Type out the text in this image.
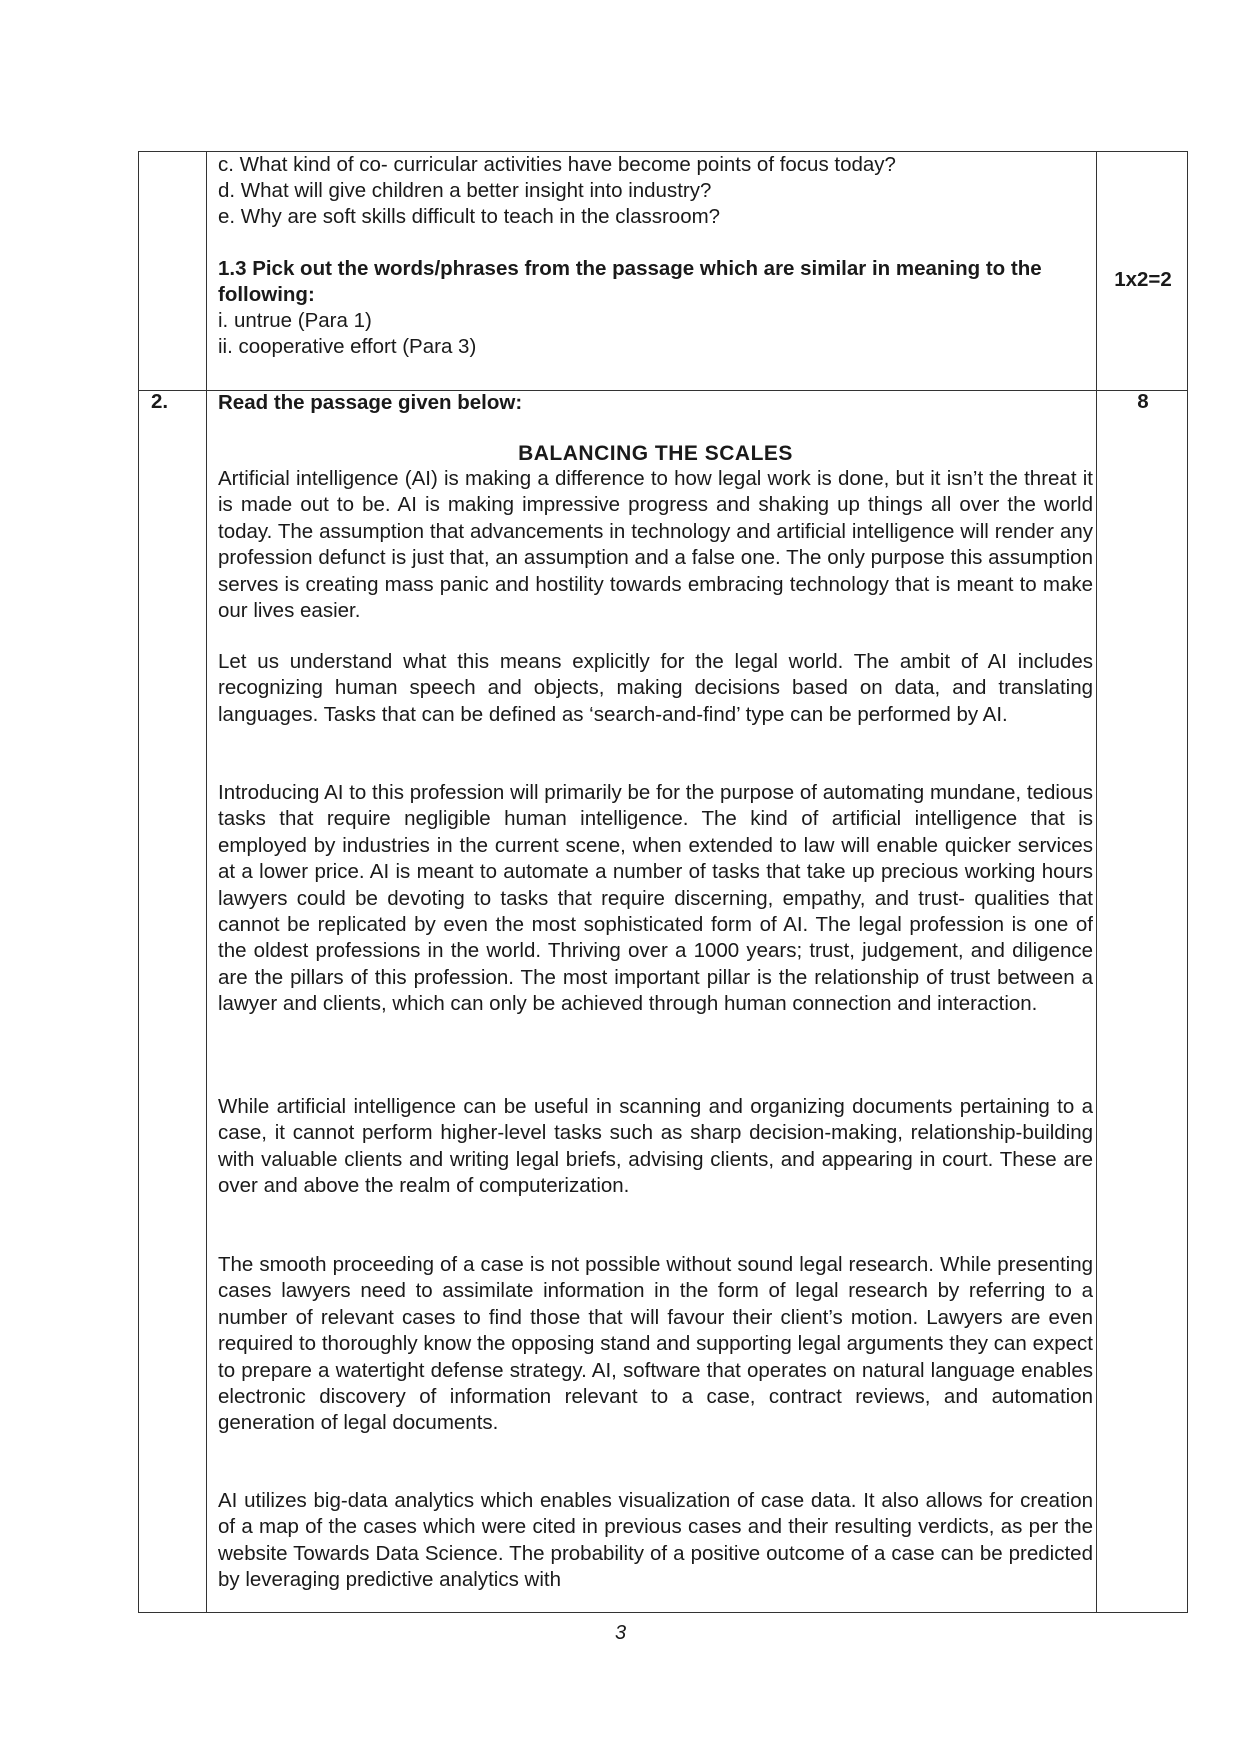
c. What kind of co- curricular activities have become points of focus today?
d. What will give children a better insight into industry?
e. Why are soft skills difficult to teach in the classroom?
1.3 Pick out the words/phrases from the passage which are similar in meaning to the following:
i. untrue (Para 1)
ii. cooperative effort (Para 3)
1x2=2
2. Read the passage given below:	8
BALANCING THE SCALES

Artificial intelligence (AI) is making a difference to how legal work is done, but it isn’t the threat it is made out to be. AI is making impressive progress and shaking up things all over the world today. The assumption that advancements in technology and artificial intelligence will render any profession defunct is just that, an assumption and a false one. The only purpose this assumption serves is creating mass panic and hostility towards embracing technology that is meant to make our lives easier.

Let us understand what this means explicitly for the legal world. The ambit of AI includes recognizing human speech and objects, making decisions based on data, and translating languages. Tasks that can be defined as ‘search-and-find’ type can be performed by AI.

Introducing AI to this profession will primarily be for the purpose of automating mundane, tedious tasks that require negligible human intelligence. The kind of artificial intelligence that is employed by industries in the current scene, when extended to law will enable quicker services at a lower price. AI is meant to automate a number of tasks that take up precious working hours lawyers could be devoting to tasks that require discerning, empathy, and trust- qualities that cannot be replicated by even the most sophisticated form of AI. The legal profession is one of the oldest professions in the world. Thriving over a 1000 years; trust, judgement, and diligence are the pillars of this profession. The most important pillar is the relationship of trust between a lawyer and clients, which can only be achieved through human connection and interaction.

While artificial intelligence can be useful in scanning and organizing documents pertaining to a case, it cannot perform higher-level tasks such as sharp decision-making, relationship-building with valuable clients and writing legal briefs, advising clients, and appearing in court. These are over and above the realm of computerization.

The smooth proceeding of a case is not possible without sound legal research. While presenting cases lawyers need to assimilate information in the form of legal research by referring to a number of relevant cases to find those that will favour their client’s motion. Lawyers are even required to thoroughly know the opposing stand and supporting legal arguments they can expect to prepare a watertight defense strategy. AI, software that operates on natural language enables electronic discovery of information relevant to a case, contract reviews, and automation generation of legal documents.

AI utilizes big-data analytics which enables visualization of case data. It also allows for creation of a map of the cases which were cited in previous cases and their resulting verdicts, as per the website Towards Data Science. The probability of a positive outcome of a case can be predicted by leveraging predictive analytics with

3
